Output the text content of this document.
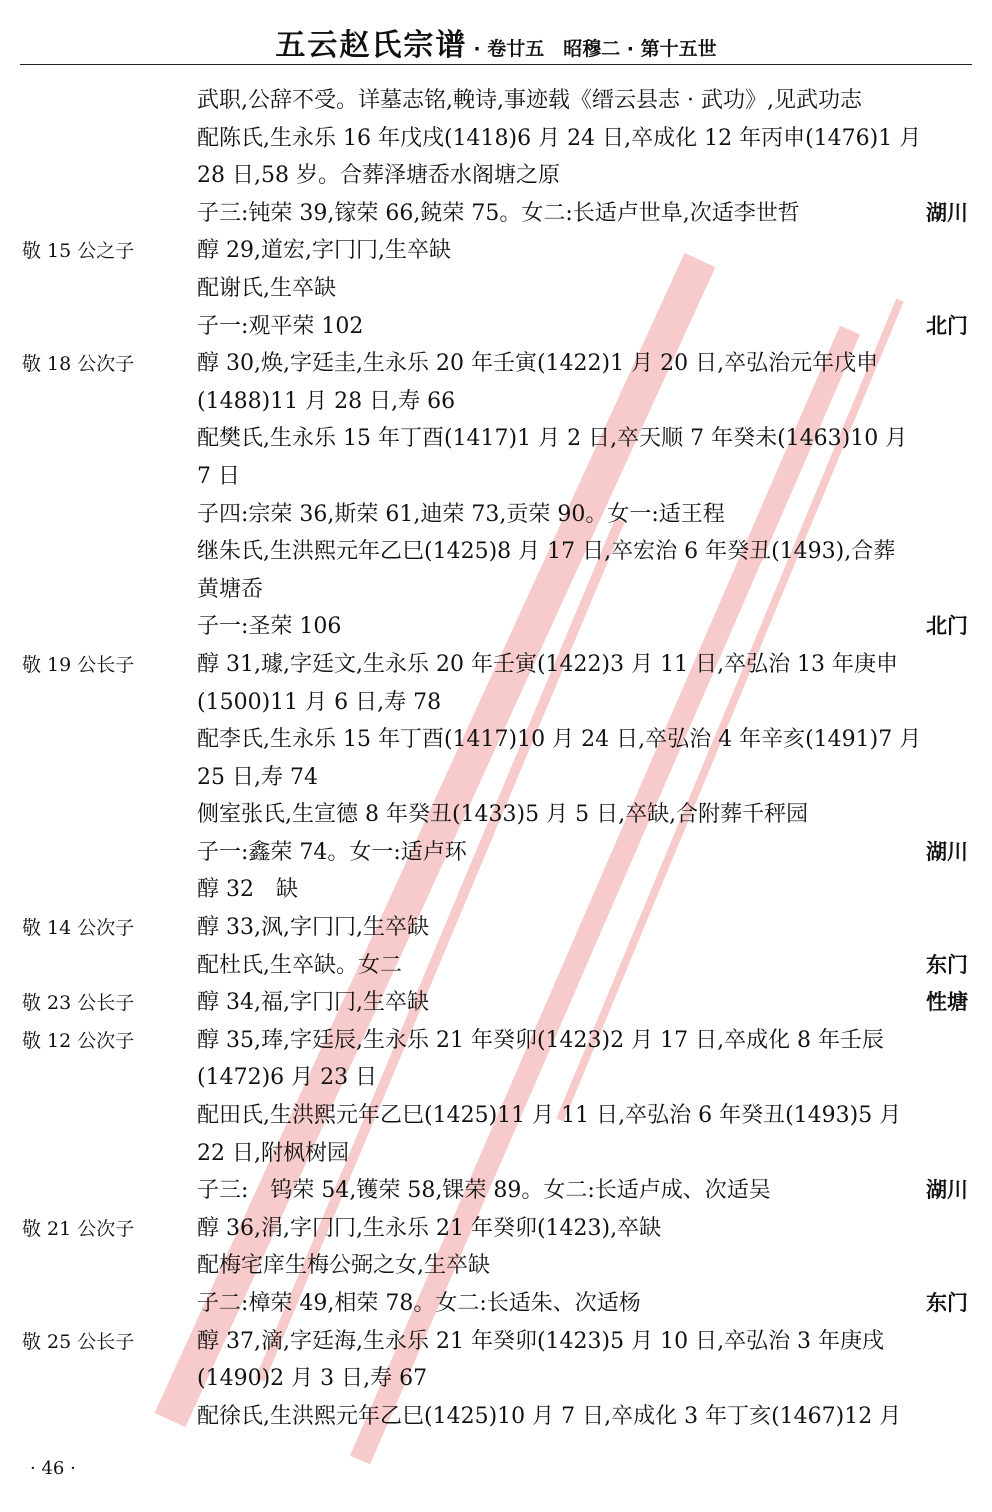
五云赵氏宗谱 · 卷廿五　昭穆二 · 第十五世
武职,公辞不受。详墓志铭,輓诗,事迹载《缙云县志 · 武功》,见武功志
配陈氏,生永乐 16 年戊戌(1418)6 月 24 日,卒成化 12 年丙申(1476)1 月
28 日,58 岁。合葬泽塘岙水阁塘之原
子三:钝荣 39,镓荣 66,鋴荣 75。女二:长适卢世阜,次适李世哲	湖川
敬 15 公之子	醇 29,道宏,字冂冂,生卒缺
配谢氏,生卒缺
子一:观平荣 102	北门
敬 18 公次子	醇 30,焕,字廷圭,生永乐 20 年壬寅(1422)1 月 20 日,卒弘治元年戊申
(1488)11 月 28 日,寿 66
配樊氏,生永乐 15 年丁酉(1417)1 月 2 日,卒天顺 7 年癸未(1463)10 月
7 日
子四:宗荣 36,斯荣 61,迪荣 73,贡荣 90。女一:适王程
继朱氏,生洪熙元年乙巳(1425)8 月 17 日,卒宏治 6 年癸丑(1493),合葬
黄塘岙
子一:圣荣 106	北门
敬 19 公长子	醇 31,璩,字廷文,生永乐 20 年壬寅(1422)3 月 11 日,卒弘治 13 年庚申
(1500)11 月 6 日,寿 78
配李氏,生永乐 15 年丁酉(1417)10 月 24 日,卒弘治 4 年辛亥(1491)7 月
25 日,寿 74
侧室张氏,生宣德 8 年癸丑(1433)5 月 5 日,卒缺,合附葬千秤园
子一:鑫荣 74。女一:适卢环	湖川
醇 32　缺
敬 14 公次子	醇 33,沨,字冂冂,生卒缺
配杜氏,生卒缺。女二	东门
敬 23 公长子	醇 34,福,字冂冂,生卒缺	性塘
敬 12 公次子	醇 35,琫,字廷辰,生永乐 21 年癸卯(1423)2 月 17 日,卒成化 8 年壬辰
(1472)6 月 23 日
配田氏,生洪熙元年乙巳(1425)11 月 11 日,卒弘治 6 年癸丑(1493)5 月
22 日,附枫树园
子三:　钨荣 54,镬荣 58,锞荣 89。女二:长适卢成、次适吴	湖川
敬 21 公次子	醇 36,涓,字冂冂,生永乐 21 年癸卯(1423),卒缺
配梅宅庠生梅公弼之女,生卒缺
子二:樟荣 49,相荣 78。女二:长适朱、次适杨	东门
敬 25 公长子	醇 37,滴,字廷海,生永乐 21 年癸卯(1423)5 月 10 日,卒弘治 3 年庚戌
(1490)2 月 3 日,寿 67
配徐氏,生洪熙元年乙巳(1425)10 月 7 日,卒成化 3 年丁亥(1467)12 月
· 46 ·
